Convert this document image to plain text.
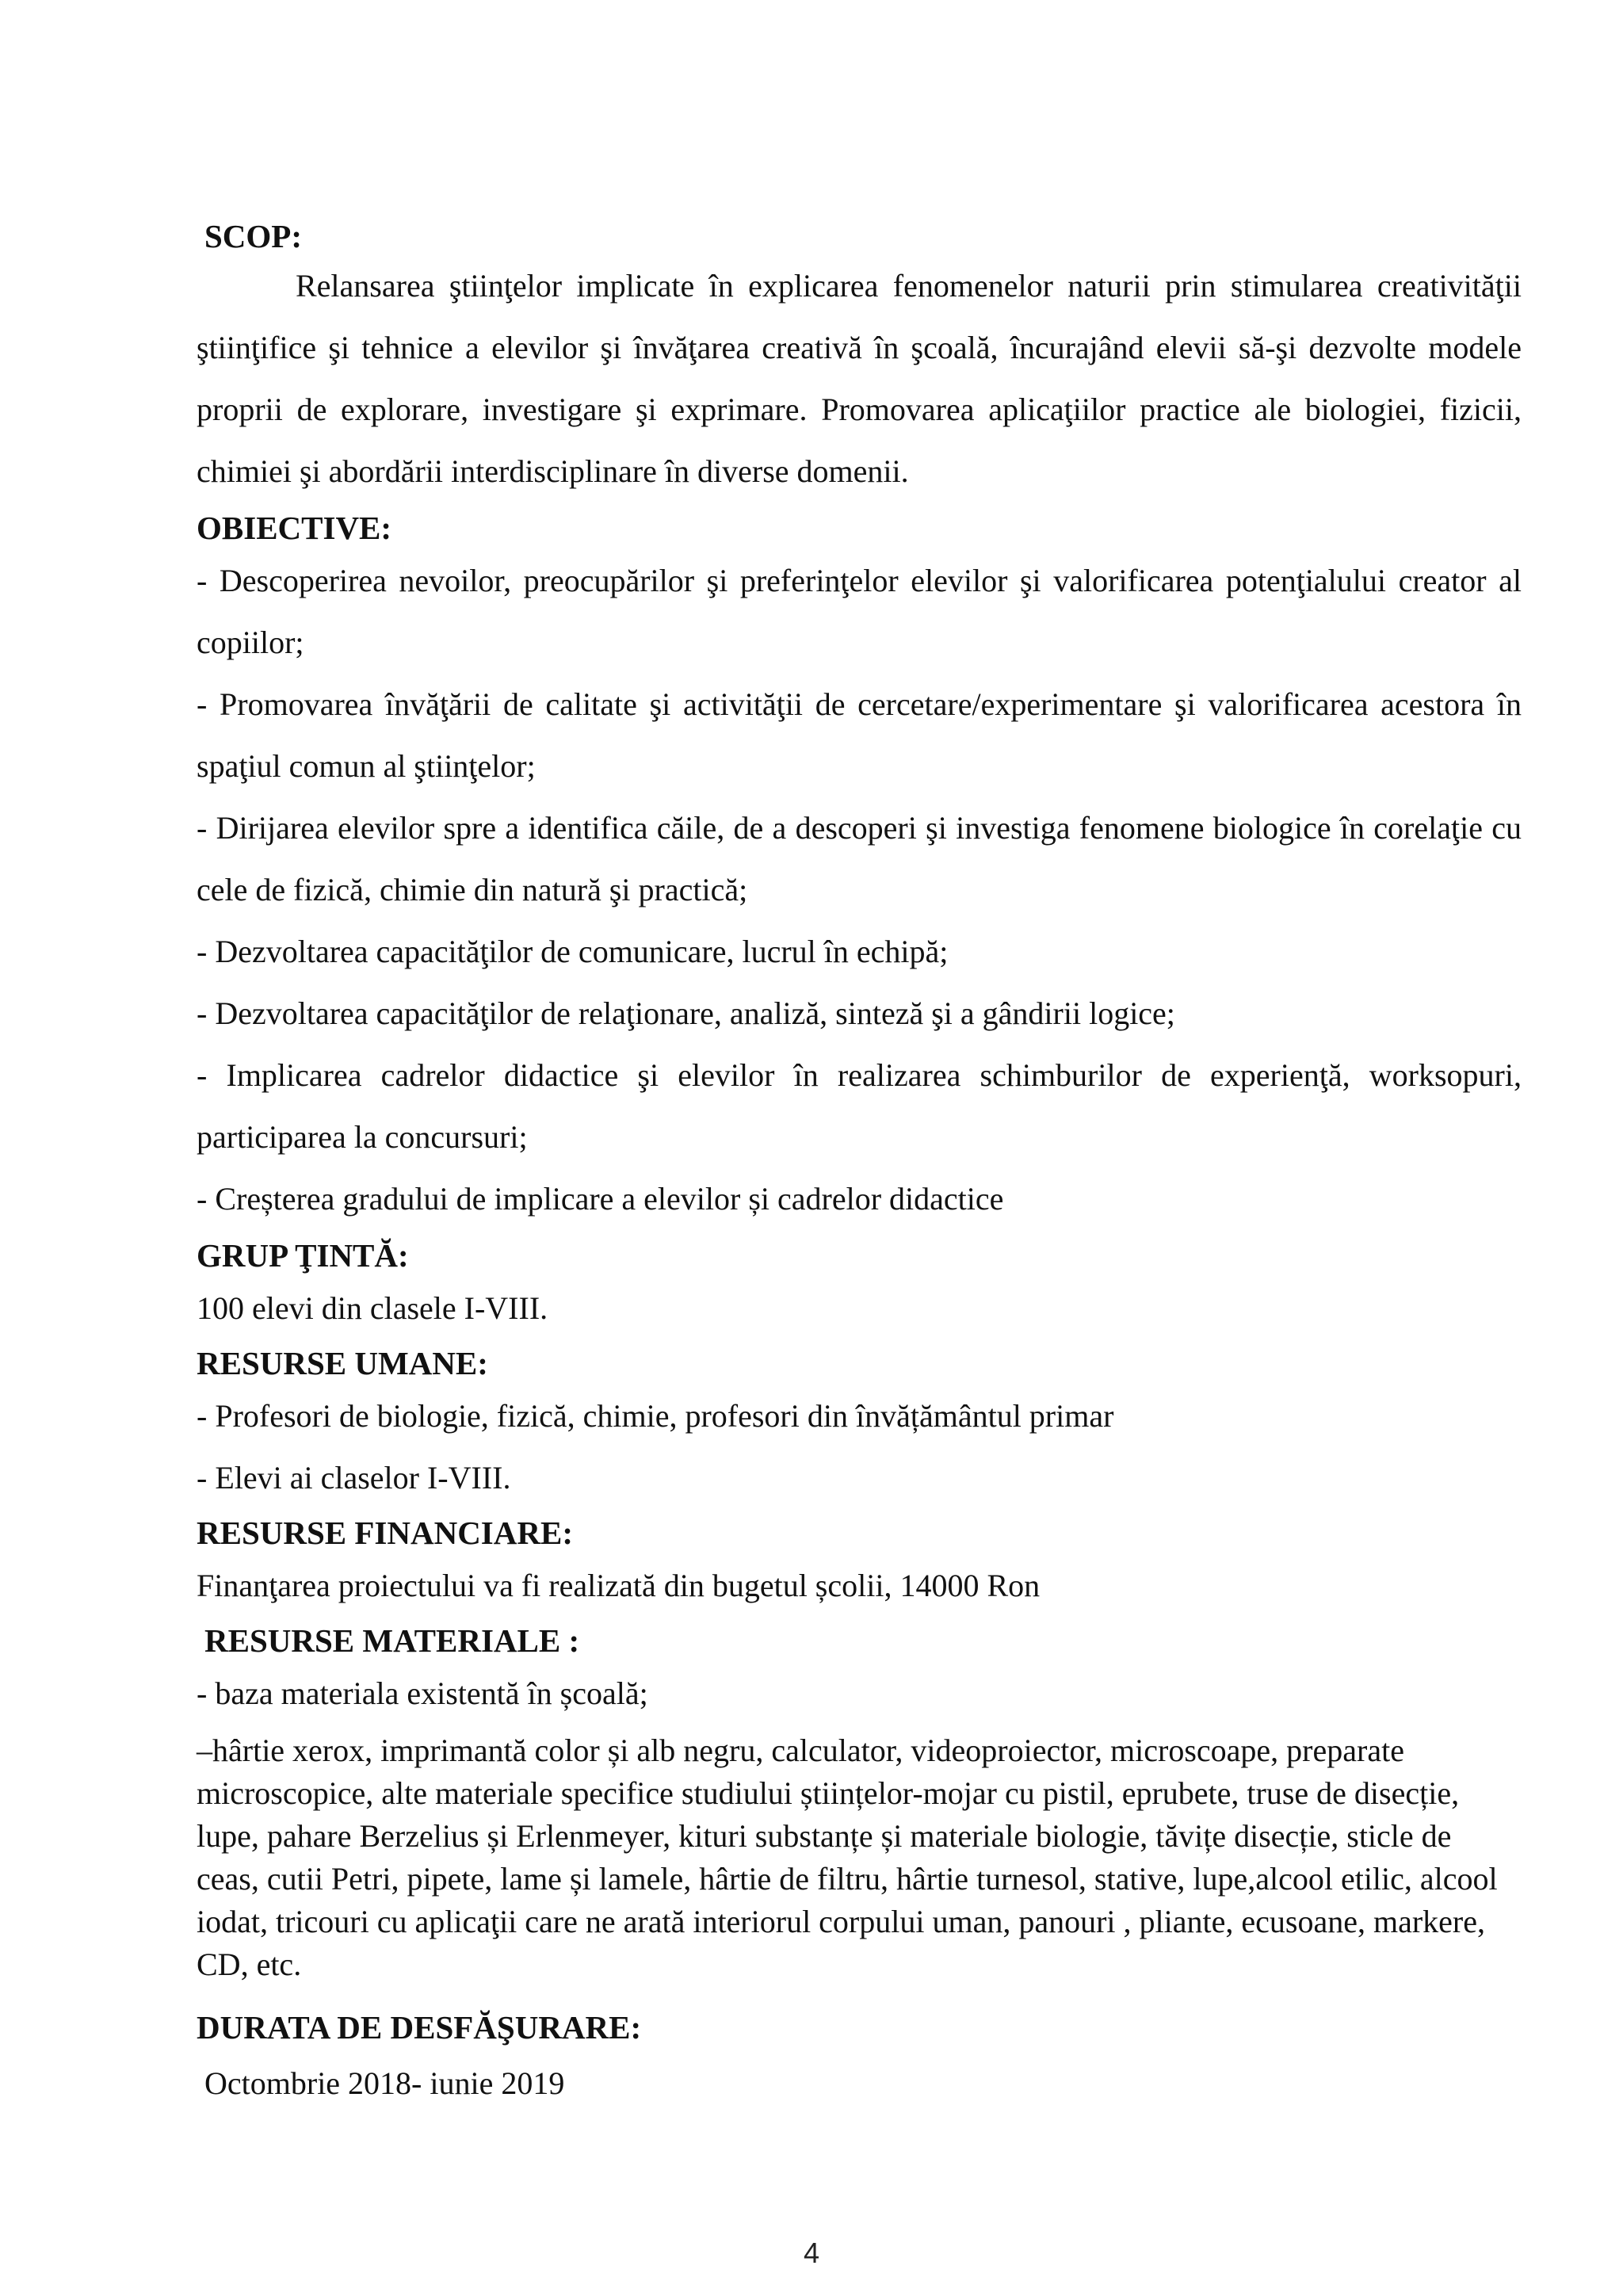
SCOP:

Relansarea ştiinţelor implicate în explicarea fenomenelor naturii prin stimularea creativităţii ştiinţifice şi tehnice a elevilor şi învăţarea creativă în şcoală, încurajând elevii să-şi dezvolte modele proprii de explorare, investigare şi exprimare. Promovarea aplicaţiilor practice ale biologiei, fizicii, chimiei şi abordării interdisciplinare în diverse domenii.

OBIECTIVE:

- Descoperirea nevoilor, preocupărilor şi preferinţelor elevilor şi valorificarea potenţialului creator al copiilor;

- Promovarea învăţării de calitate şi activităţii de cercetare/experimentare şi valorificarea acestora în spaţiul comun al ştiinţelor;

- Dirijarea elevilor spre a identifica căile, de a descoperi şi investiga fenomene biologice în corelaţie cu cele de fizică, chimie din natură şi practică;

- Dezvoltarea capacităţilor de comunicare, lucrul în echipă;

- Dezvoltarea capacităţilor de relaţionare, analiză, sinteză şi a gândirii logice;

- Implicarea cadrelor didactice şi elevilor în realizarea schimburilor de experienţă, worksopuri, participarea la concursuri;

- Creșterea gradului de implicare a elevilor și cadrelor didactice

GRUP ŢINTĂ:

100 elevi din clasele I-VIII.

RESURSE UMANE:

- Profesori de biologie, fizică, chimie, profesori din învățământul primar

- Elevi ai claselor I-VIII.

RESURSE FINANCIARE:

Finanţarea proiectului va fi realizată din bugetul școlii, 14000 Ron

RESURSE MATERIALE :

- baza materiala existentă în școală;

–hârtie xerox, imprimantă color și alb negru, calculator, videoproiector, microscoape, preparate microscopice, alte materiale specifice studiului științelor-mojar cu pistil, eprubete, truse de disecție, lupe, pahare Berzelius și Erlenmeyer, kituri substanțe și materiale biologie, tăvițe disecție, sticle de ceas, cutii Petri, pipete, lame și lamele, hârtie de filtru, hârtie turnesol, stative, lupe,alcool etilic, alcool iodat, tricouri cu aplicaţii care ne arată interiorul corpului uman, panouri , pliante, ecusoane, markere, CD, etc.

DURATA DE DESFĂŞURARE:

Octombrie 2018- iunie 2019

4
